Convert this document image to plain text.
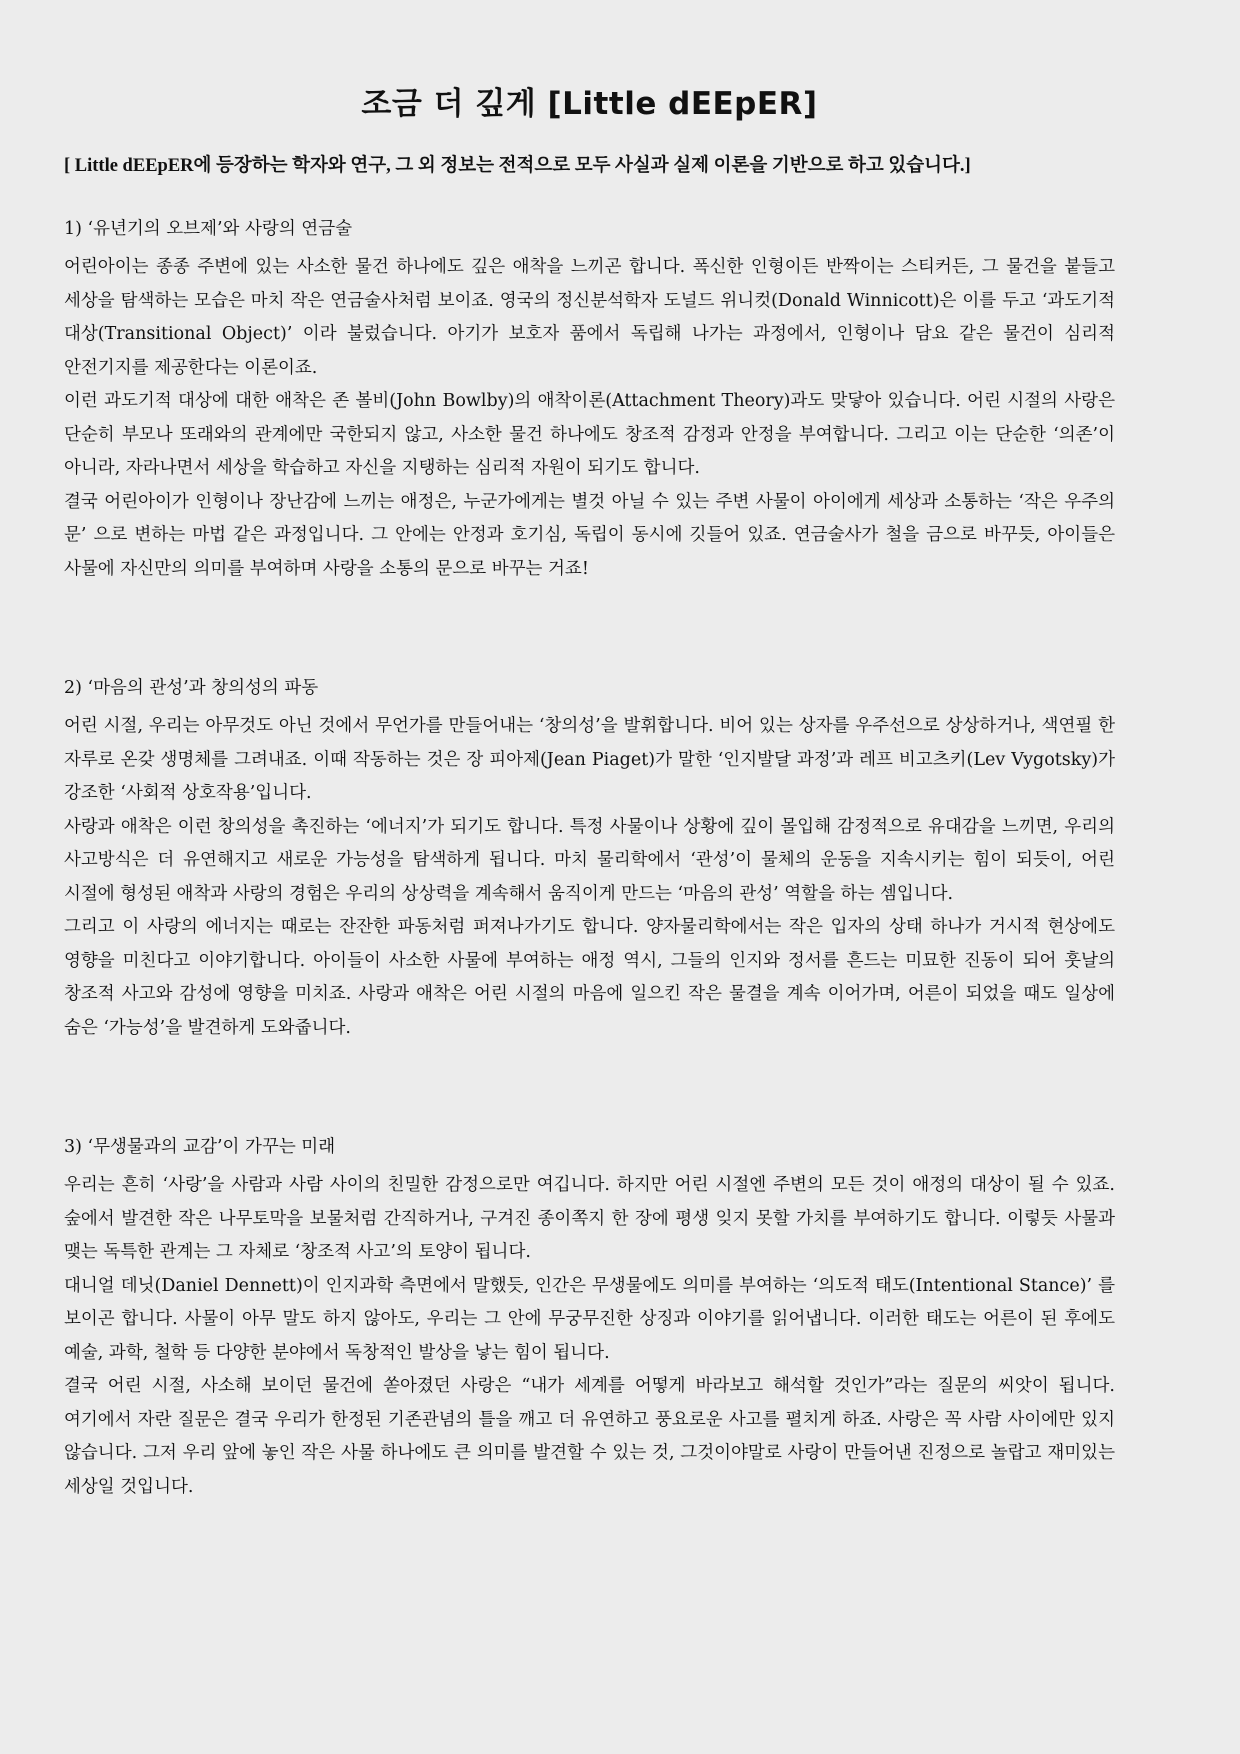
조금 더 깊게 [Little dEEpER]

[ Little dEEpER에 등장하는 학자와 연구, 그 외 정보는 전적으로 모두 사실과 실제 이론을 기반으로 하고 있습니다.]

1) ‘유년기의 오브제’와 사랑의 연금술

어린아이는 종종 주변에 있는 사소한 물건 하나에도 깊은 애착을 느끼곤 합니다. 폭신한 인형이든 반짝이는 스티커든, 그 물건을 붙들고 세상을 탐색하는 모습은 마치 작은 연금술사처럼 보이죠. 영국의 정신분석학자 도널드 위니컷(Donald Winnicott)은 이를 두고 ‘과도기적 대상(Transitional Object)’ 이라 불렀습니다. 아기가 보호자 품에서 독립해 나가는 과정에서, 인형이나 담요 같은 물건이 심리적 안전기지를 제공한다는 이론이죠.

이런 과도기적 대상에 대한 애착은 존 볼비(John Bowlby)의 애착이론(Attachment Theory)과도 맞닿아 있습니다. 어린 시절의 사랑은 단순히 부모나 또래와의 관계에만 국한되지 않고, 사소한 물건 하나에도 창조적 감정과 안정을 부여합니다. 그리고 이는 단순한 ‘의존’이 아니라, 자라나면서 세상을 학습하고 자신을 지탱하는 심리적 자원이 되기도 합니다.

결국 어린아이가 인형이나 장난감에 느끼는 애정은, 누군가에게는 별것 아닐 수 있는 주변 사물이 아이에게 세상과 소통하는 ‘작은 우주의 문’ 으로 변하는 마법 같은 과정입니다. 그 안에는 안정과 호기심, 독립이 동시에 깃들어 있죠. 연금술사가 철을 금으로 바꾸듯, 아이들은 사물에 자신만의 의미를 부여하며 사랑을 소통의 문으로 바꾸는 거죠!

2) ‘마음의 관성’과 창의성의 파동

어린 시절, 우리는 아무것도 아닌 것에서 무언가를 만들어내는 ‘창의성’을 발휘합니다. 비어 있는 상자를 우주선으로 상상하거나, 색연필 한 자루로 온갖 생명체를 그려내죠. 이때 작동하는 것은 장 피아제(Jean Piaget)가 말한 ‘인지발달 과정’과 레프 비고츠키(Lev Vygotsky)가 강조한 ‘사회적 상호작용’입니다.

사랑과 애착은 이런 창의성을 촉진하는 ‘에너지’가 되기도 합니다. 특정 사물이나 상황에 깊이 몰입해 감정적으로 유대감을 느끼면, 우리의 사고방식은 더 유연해지고 새로운 가능성을 탐색하게 됩니다. 마치 물리학에서 ‘관성’이 물체의 운동을 지속시키는 힘이 되듯이, 어린 시절에 형성된 애착과 사랑의 경험은 우리의 상상력을 계속해서 움직이게 만드는 ‘마음의 관성’ 역할을 하는 셈입니다.

그리고 이 사랑의 에너지는 때로는 잔잔한 파동처럼 퍼져나가기도 합니다. 양자물리학에서는 작은 입자의 상태 하나가 거시적 현상에도 영향을 미친다고 이야기합니다. 아이들이 사소한 사물에 부여하는 애정 역시, 그들의 인지와 정서를 흔드는 미묘한 진동이 되어 훗날의 창조적 사고와 감성에 영향을 미치죠. 사랑과 애착은 어린 시절의 마음에 일으킨 작은 물결을 계속 이어가며, 어른이 되었을 때도 일상에 숨은 ‘가능성’을 발견하게 도와줍니다.

3) ‘무생물과의 교감’이 가꾸는 미래

우리는 흔히 ‘사랑’을 사람과 사람 사이의 친밀한 감정으로만 여깁니다. 하지만 어린 시절엔 주변의 모든 것이 애정의 대상이 될 수 있죠. 숲에서 발견한 작은 나무토막을 보물처럼 간직하거나, 구겨진 종이쪽지 한 장에 평생 잊지 못할 가치를 부여하기도 합니다. 이렇듯 사물과 맺는 독특한 관계는 그 자체로 ‘창조적 사고’의 토양이 됩니다.

대니얼 데닛(Daniel Dennett)이 인지과학 측면에서 말했듯, 인간은 무생물에도 의미를 부여하는 ‘의도적 태도(Intentional Stance)’ 를 보이곤 합니다. 사물이 아무 말도 하지 않아도, 우리는 그 안에 무궁무진한 상징과 이야기를 읽어냅니다. 이러한 태도는 어른이 된 후에도 예술, 과학, 철학 등 다양한 분야에서 독창적인 발상을 낳는 힘이 됩니다.

결국 어린 시절, 사소해 보이던 물건에 쏟아졌던 사랑은 “내가 세계를 어떻게 바라보고 해석할 것인가”라는 질문의 씨앗이 됩니다. 여기에서 자란 질문은 결국 우리가 한정된 기존관념의 틀을 깨고 더 유연하고 풍요로운 사고를 펼치게 하죠. 사랑은 꼭 사람 사이에만 있지 않습니다. 그저 우리 앞에 놓인 작은 사물 하나에도 큰 의미를 발견할 수 있는 것, 그것이야말로 사랑이 만들어낸 진정으로 놀랍고 재미있는 세상일 것입니다.
